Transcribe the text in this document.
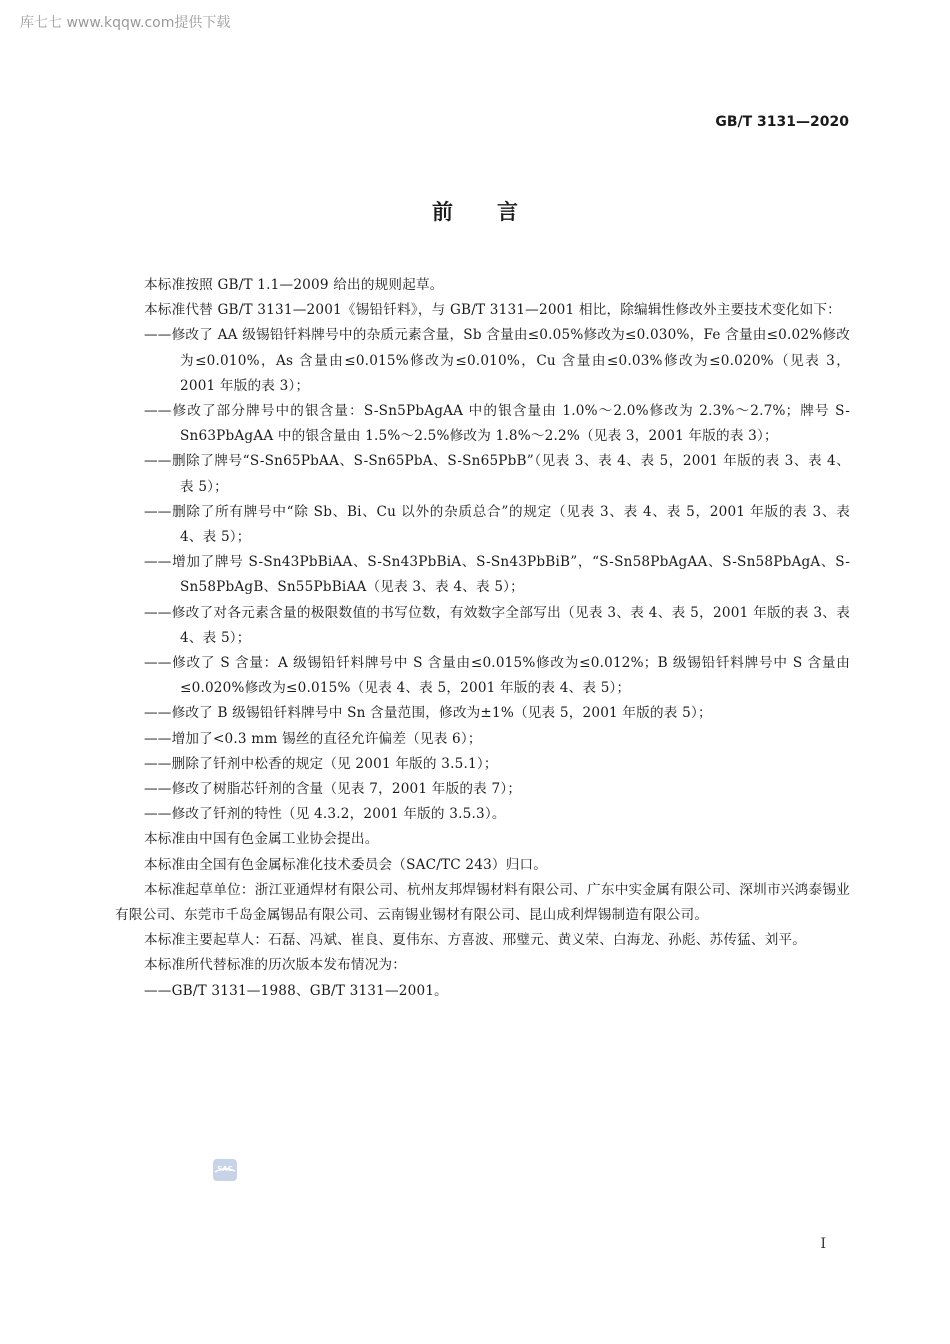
库七七 www.kqqw.com提供下载
GB/T 3131—2020
前言

本标准按照 GB/T 1.1—2009 给出的规则起草。

本标准代替 GB/T 3131—2001《锡铅钎料》，与 GB/T 3131—2001 相比，除编辑性修改外主要技术变化如下：

——修改了 AA 级锡铅钎料牌号中的杂质元素含量，Sb 含量由≤0.05%修改为≤0.030%，Fe 含量由≤0.02%修改为≤0.010%，As 含量由≤0.015%修改为≤0.010%，Cu 含量由≤0.03%修改为≤0.020%（见表 3，2001 年版的表 3）；

——修改了部分牌号中的银含量：S-Sn5PbAgAA 中的银含量由 1.0%～2.0%修改为 2.3%～2.7%；牌号 S-Sn63PbAgAA 中的银含量由 1.5%～2.5%修改为 1.8%～2.2%（见表 3，2001 年版的表 3）；

——删除了牌号“S-Sn65PbAA、S-Sn65PbA、S-Sn65PbB”（见表 3、表 4、表 5，2001 年版的表 3、表 4、表 5）；

——删除了所有牌号中“除 Sb、Bi、Cu 以外的杂质总合”的规定（见表 3、表 4、表 5，2001 年版的表 3、表 4、表 5）；

——增加了牌号 S-Sn43PbBiAA、S-Sn43PbBiA、S-Sn43PbBiB”，“S-Sn58PbAgAA、S-Sn58PbAgA、S-Sn58PbAgB、Sn55PbBiAA（见表 3、表 4、表 5）；

——修改了对各元素含量的极限数值的书写位数，有效数字全部写出（见表 3、表 4、表 5，2001 年版的表 3、表 4、表 5）；

——修改了 S 含量：A 级锡铅钎料牌号中 S 含量由≤0.015%修改为≤0.012%；B 级锡铅钎料牌号中 S 含量由≤0.020%修改为≤0.015%（见表 4、表 5，2001 年版的表 4、表 5）；

——修改了 B 级锡铅钎料牌号中 Sn 含量范围，修改为±1%（见表 5，2001 年版的表 5）；

——增加了<0.3 mm 锡丝的直径允许偏差（见表 6）；

——删除了钎剂中松香的规定（见 2001 年版的 3.5.1）；

——修改了树脂芯钎剂的含量（见表 7，2001 年版的表 7）；

——修改了钎剂的特性（见 4.3.2，2001 年版的 3.5.3）。

本标准由中国有色金属工业协会提出。

本标准由全国有色金属标准化技术委员会（SAC/TC 243）归口。

本标准起草单位：浙江亚通焊材有限公司、杭州友邦焊锡材料有限公司、广东中实金属有限公司、深圳市兴鸿泰锡业有限公司、东莞市千岛金属锡品有限公司、云南锡业锡材有限公司、昆山成利焊锡制造有限公司。

本标准主要起草人：石磊、冯斌、崔良、夏伟东、方喜波、邢璧元、黄义荣、白海龙、孙彪、苏传猛、刘平。

本标准所代替标准的历次版本发布情况为：

——GB/T 3131—1988、GB/T 3131—2001。

SAC
I
